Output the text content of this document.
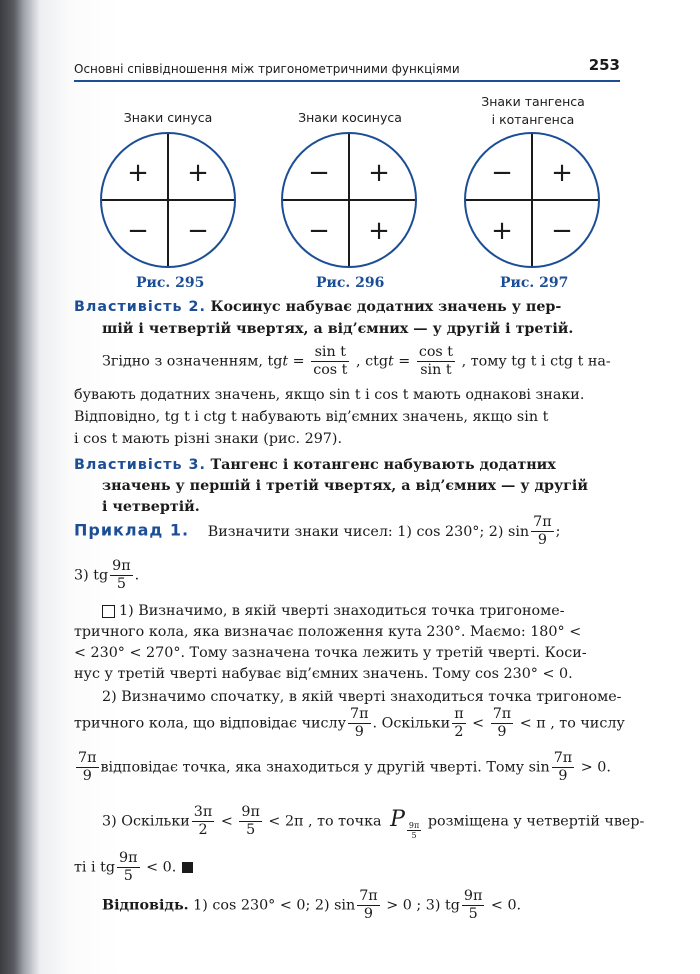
Основні співвідношення між тригонометричними функціями	253
Знаки синуса
+ +
− −
Рис. 295
Знаки косинуса
− +
− +
Рис. 296
Знаки тангенса
і котангенса
− +
+ −
Рис. 297
Властивість 2. Косинус набуває додатних значень у пер-
шій і четвертій чвертях, а від’ємних — у другій і третій.
Згідно з означенням, tgt = $\frac{\text{sin t}}{\text{cos t}}$ , ctgt = $\frac{\text{cos t}}{\text{sin t}}$ , тому tg t і ctg t на-
бувають додатних значень, якщо sin t і cos t мають однакові знаки.
Відповідно, tg t і ctg t набувають від’ємних значень, якщо sin t
і cos t мають різні знаки (рис. 297).
Властивість 3. Тангенс і котангенс набувають додатних
значень у першій і третій чвертях, а від’ємних — у другій
і четвертій.
Приклад 1. Визначити знаки чисел: 1) cos 230°; 2) $\sin \frac{7\pi}{9}$ ;
3) tg $\frac{9\pi}{5}$ .
1) Визначимо, в якій чверті знаходиться точка тригономе-
тричного кола, яка визначає положення кута 230°. Маємо: 180° <
< 230° < 270°. Тому зазначена точка лежить у третій чверті. Коси-
нус у третій чверті набуває від’ємних значень. Тому cos 230° < 0.
2) Визначимо спочатку, в якій чверті знаходиться точка тригономе-
тричного кола, що відповідає числу $\frac{7\pi}{9}$ . Оскільки $\frac{\pi}{2} < \frac{7\pi}{9} < \pi$ , то числу
$\frac{7\pi}{9}$ відповідає точка, яка знаходиться у другій чверті. Тому $\sin \frac{7\pi}{9} > 0$.
3) Оскільки $\frac{3\pi}{2} < \frac{9\pi}{5} < 2\pi$ , то точка P $\frac{9\pi}{5}$ розміщена у четвертій чвер-
ті і tg $\frac{9\pi}{5} < 0$.
Відповідь. 1) cos 230° < 0; 2) $\sin \frac{7\pi}{9} > 0$ ; 3) tg $\frac{9\pi}{5} < 0$.
